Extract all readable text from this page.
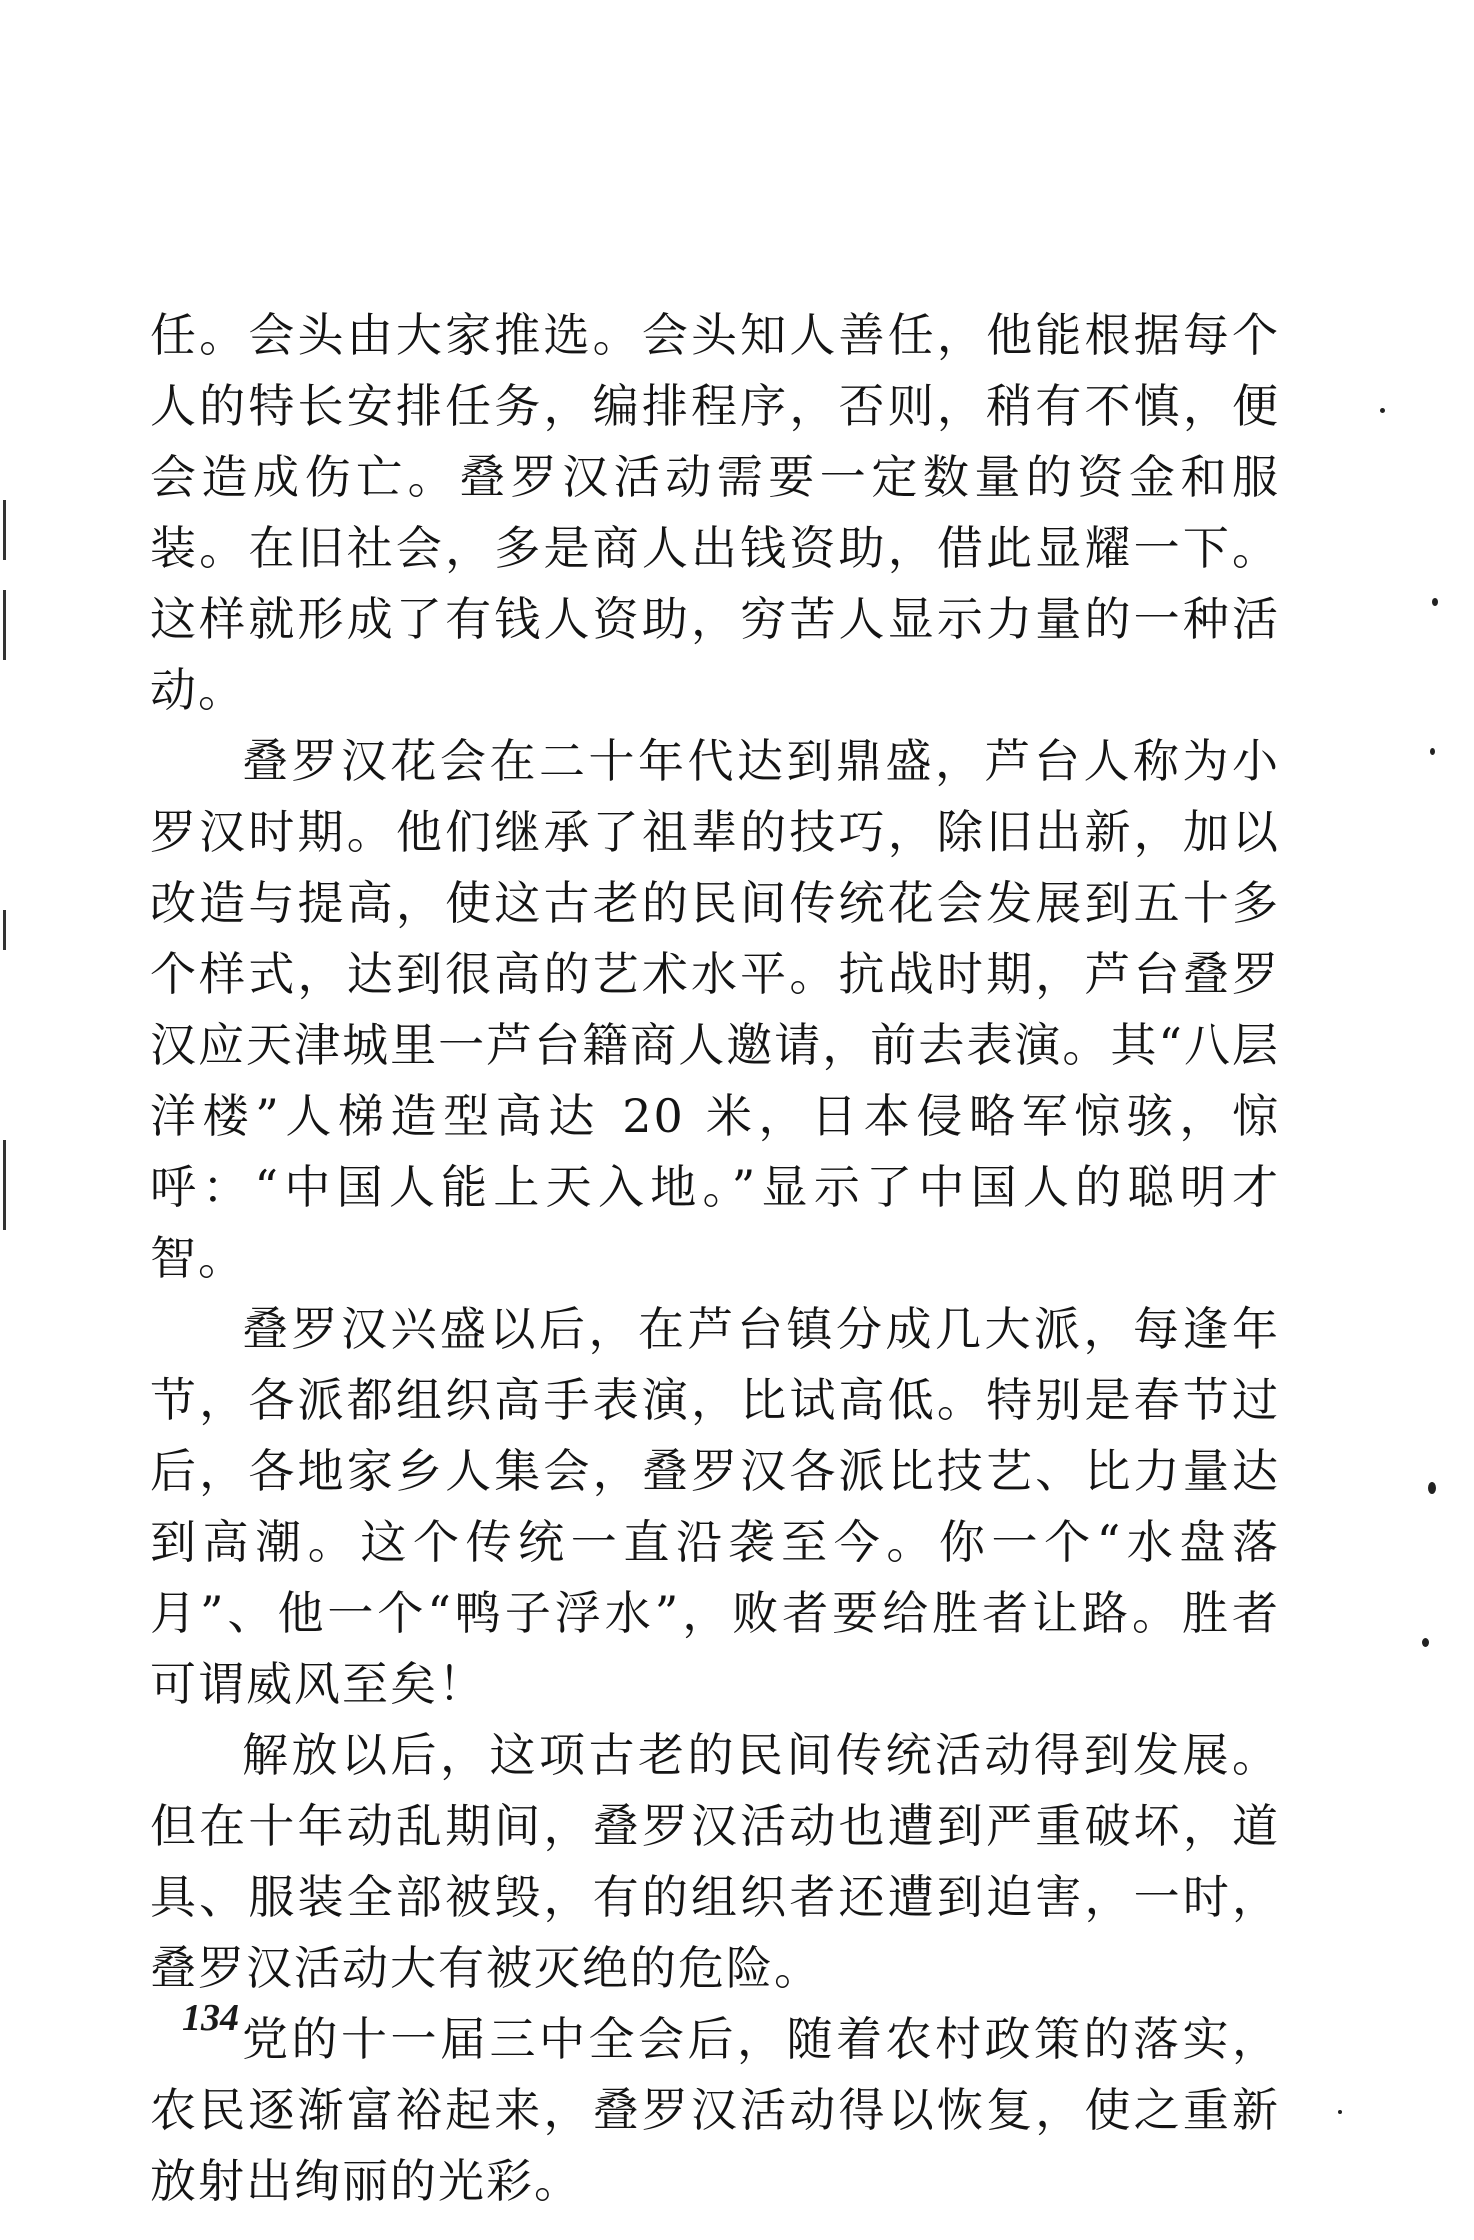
任。会头由大家推选。会头知人善任，他能根据每个人的特长安排任务，编排程序，否则，稍有不慎，便会造成伤亡。叠罗汉活动需要一定数量的资金和服装。在旧社会，多是商人出钱资助，借此显耀一下。这样就形成了有钱人资助，穷苦人显示力量的一种活动。

叠罗汉花会在二十年代达到鼎盛，芦台人称为小罗汉时期。他们继承了祖辈的技巧，除旧出新，加以改造与提高，使这古老的民间传统花会发展到五十多个样式，达到很高的艺术水平。抗战时期，芦台叠罗汉应天津城里一芦台籍商人邀请，前去表演。其“八层洋楼”人梯造型高达 20 米，日本侵略军惊骇，惊呼：“中国人能上天入地。”显示了中国人的聪明才智。

叠罗汉兴盛以后，在芦台镇分成几大派，每逢年节，各派都组织高手表演，比试高低。特别是春节过后，各地家乡人集会，叠罗汉各派比技艺、比力量达到高潮。这个传统一直沿袭至今。你一个“水盘落月”、他一个“鸭子浮水”，败者要给胜者让路。胜者可谓威风至矣！

解放以后，这项古老的民间传统活动得到发展。但在十年动乱期间，叠罗汉活动也遭到严重破坏，道具、服装全部被毁，有的组织者还遭到迫害，一时，叠罗汉活动大有被灭绝的危险。

党的十一届三中全会后，随着农村政策的落实，农民逐渐富裕起来，叠罗汉活动得以恢复，使之重新放射出绚丽的光彩。

134
